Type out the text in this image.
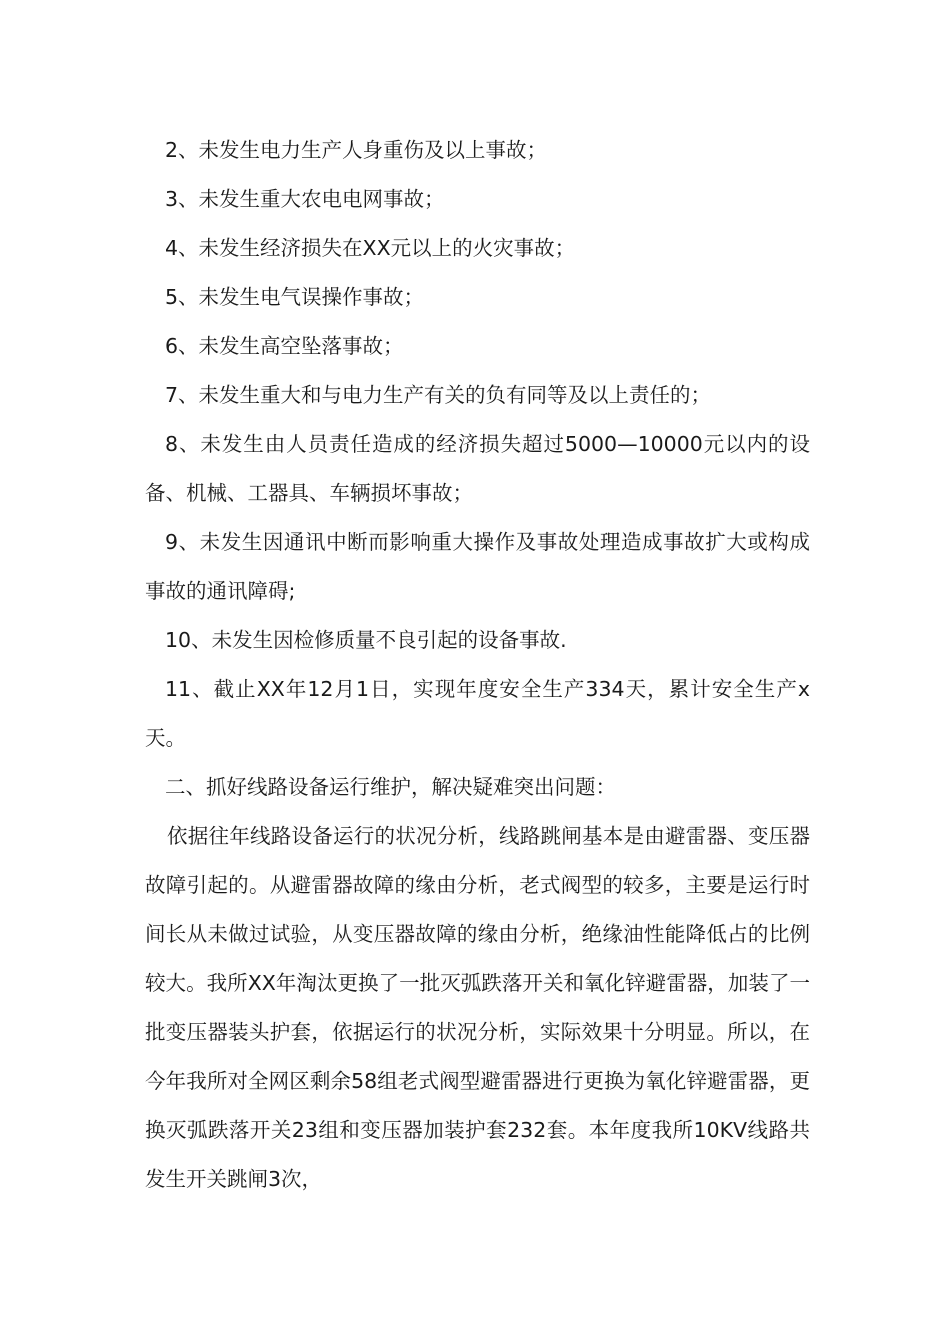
2、未发生电力生产人身重伤及以上事故；

3、未发生重大农电电网事故；

4、未发生经济损失在XX元以上的火灾事故；

5、未发生电气误操作事故；

6、未发生高空坠落事故；

7、未发生重大和与电力生产有关的负有同等及以上责任的；

8、未发生由人员责任造成的经济损失超过5000—10000元以内的设备、机械、工器具、车辆损坏事故；

9、未发生因通讯中断而影响重大操作及事故处理造成事故扩大或构成事故的通讯障碍;

10、未发生因检修质量不良引起的设备事故.

11、截止XX年12月1日，实现年度安全生产334天，累计安全生产x天。

二、抓好线路设备运行维护，解决疑难突出问题：

依据往年线路设备运行的状况分析，线路跳闸基本是由避雷器、变压器故障引起的。从避雷器故障的缘由分析，老式阀型的较多，主要是运行时间长从未做过试验，从变压器故障的缘由分析，绝缘油性能降低占的比例较大。我所XX年淘汰更换了一批灭弧跌落开关和氧化锌避雷器，加装了一批变压器装头护套，依据运行的状况分析，实际效果十分明显。所以，在今年我所对全网区剩余58组老式阀型避雷器进行更换为氧化锌避雷器，更换灭弧跌落开关23组和变压器加装护套232套。本年度我所10KV线路共发生开关跳闸3次，
